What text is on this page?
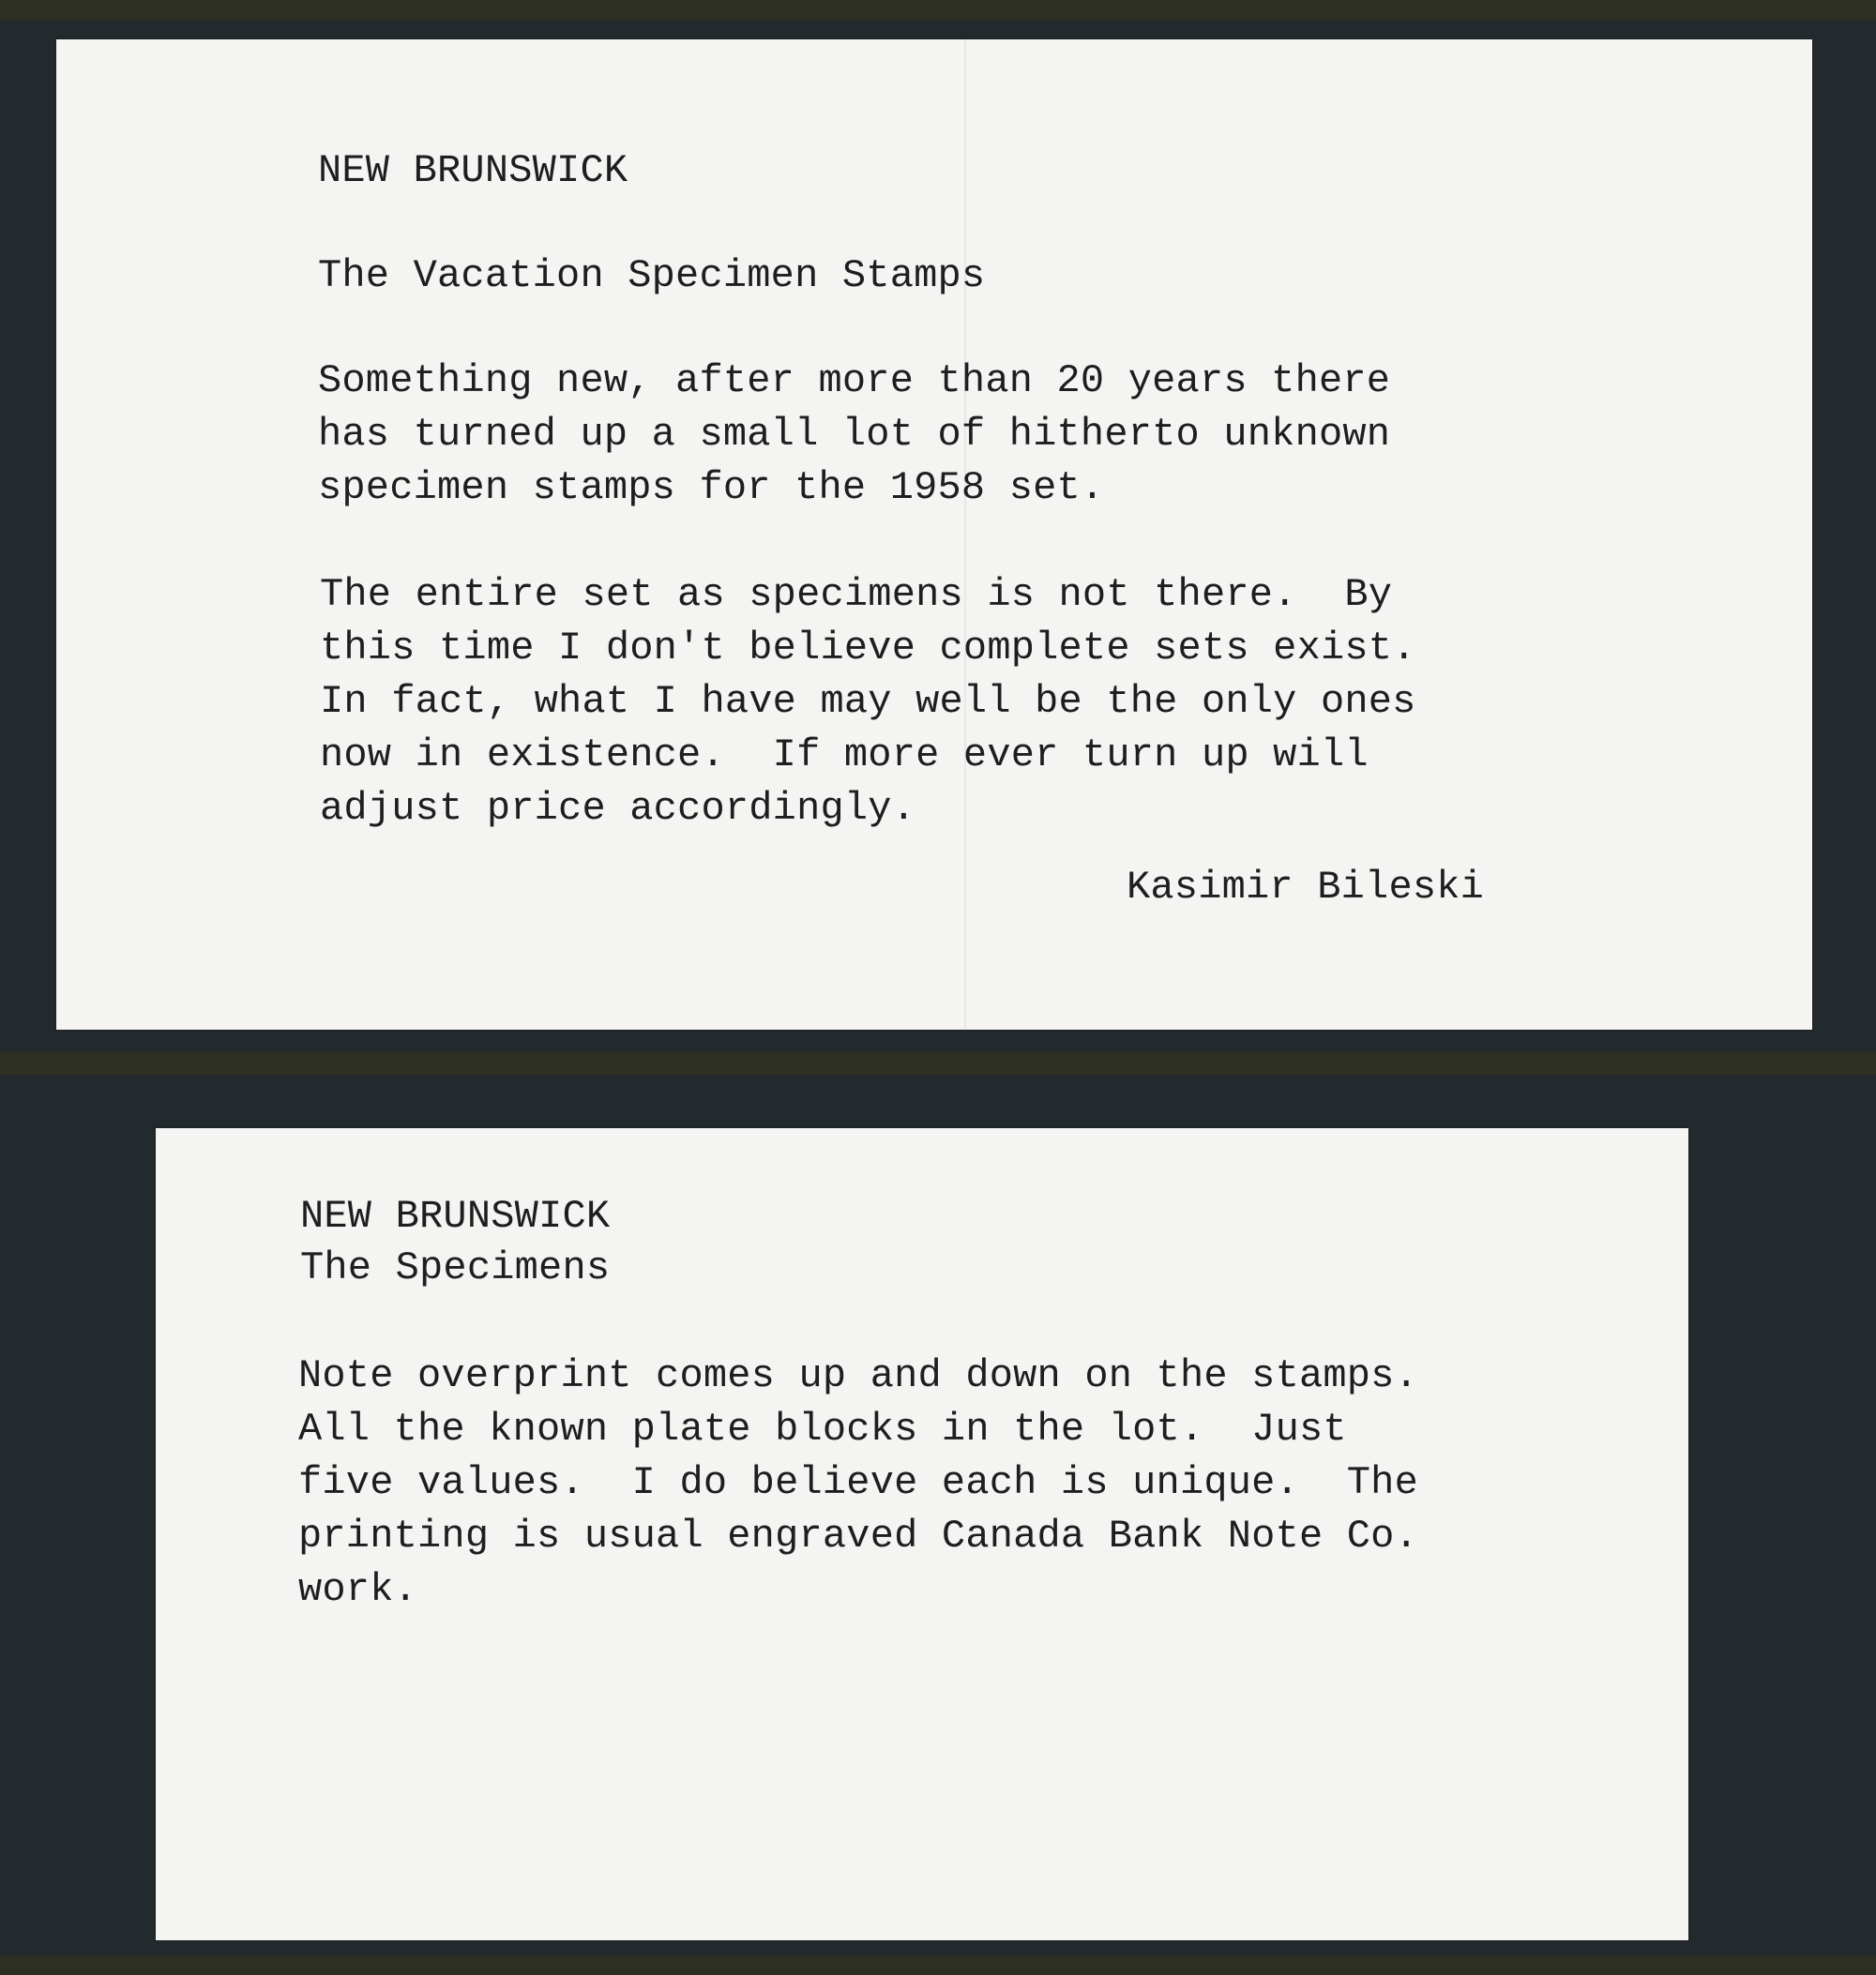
NEW BRUNSWICK
The Vacation Specimen Stamps
Something new, after more than 20 years there
has turned up a small lot of hitherto unknown
specimen stamps for the 1958 set.
The entire set as specimens is not there.  By
this time I don't believe complete sets exist.
In fact, what I have may well be the only ones
now in existence.  If more ever turn up will
adjust price accordingly.
Kasimir Bileski
NEW BRUNSWICK
The Specimens
Note overprint comes up and down on the stamps.
All the known plate blocks in the lot.  Just
five values.  I do believe each is unique.  The
printing is usual engraved Canada Bank Note Co.
work.
